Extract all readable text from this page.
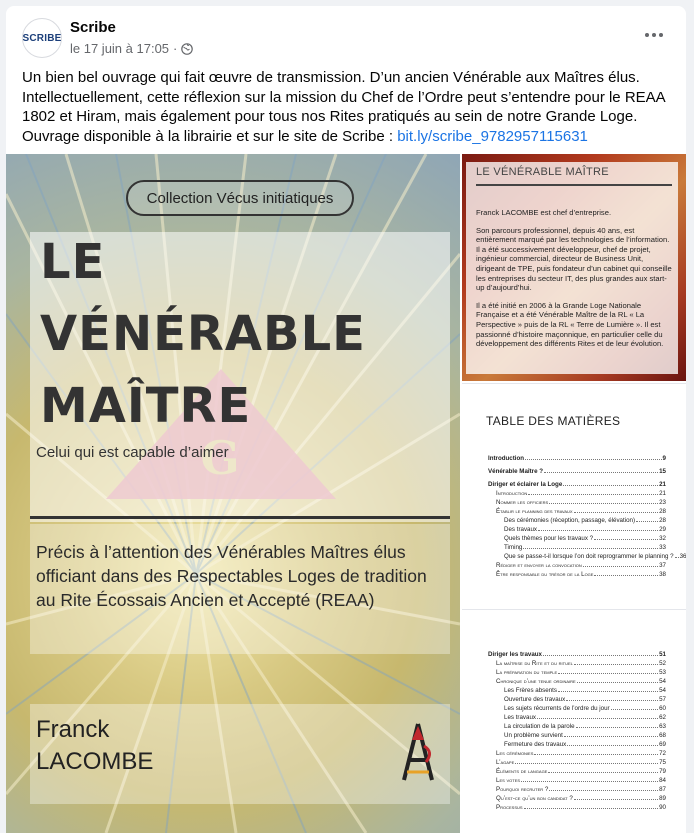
SCRIBE
Scribe
le 17 juin à 17:05 ·
Un bien bel ouvrage qui fait œuvre de transmission. D’un ancien Vénérable aux Maîtres élus. Intellectuellement, cette réflexion sur la mission du Chef de l’Ordre peut s’entendre pour le REAA 1802 et Hiram, mais également pour tous nos Rites pratiqués au sein de notre Grande Loge. Ouvrage disponible à la librairie et sur le site de Scribe : bit.ly/scribe_9782957115631
Collection Vécus initiatiques
LE
VÉNÉRABLE
MAÎTRE
Celui qui est capable d’aimer
Précis à l’attention des Vénérables Maîtres élus officiant dans des Respectables Loges de tradition au Rite Écossais Ancien et Accepté (REAA)
Franck
LACOMBE
LE VÉNÉRABLE MAÎTRE

Franck LACOMBE est chef d’entreprise.

Son parcours professionnel, depuis 40 ans, est entièrement marqué par les technologies de l’information. Il a été successivement développeur, chef de projet, ingénieur commercial, directeur de Business Unit, dirigeant de TPE, puis fondateur d’un cabinet qui conseille les entreprises du secteur IT, des plus grandes aux start-up d’aujourd’hui.

Il a été initié en 2006 à la Grande Loge Nationale Française et a été Vénérable Maître de la RL « La Perspective » puis de la RL « Terre de Lumière ». Il est passionné d’histoire maçonnique, en particulier celle du développement des différents Rites et de leur évolution.

TABLE DES MATIÈRES
Introduction	9
Vénérable Maître ?	15
Diriger et éclairer la Loge	21
Introduction	21
Nommer les officiers	23
Établir le planning des travaux	28
Des cérémonies (réception, passage, élévation)	28
Des travaux	29
Quels thèmes pour les travaux ?	32
Timing	33
Que se passe-t-il lorsque l’on doit reprogrammer le planning ? 36
Rédiger et envoyer la convocation	37
Être responsable du trésor de la Loge	38
Diriger les travaux	51
La maîtrise du Rite et du rituel	52
La préparation du temple	53
Chronique d’une tenue ordinaire	54
Les Frères absents	54
Ouverture des travaux	57
Les sujets récurrents de l’ordre du jour	60
Les travaux	62
La circulation de la parole	63
Un problème survient	68
Fermeture des travaux	69
Les cérémonies	72
L’agape	75
Éléments de langage	79
Les votes	84
Pourquoi recruter ?	87
Qu’est-ce qu’un bon candidat ?	89
Processus	90
